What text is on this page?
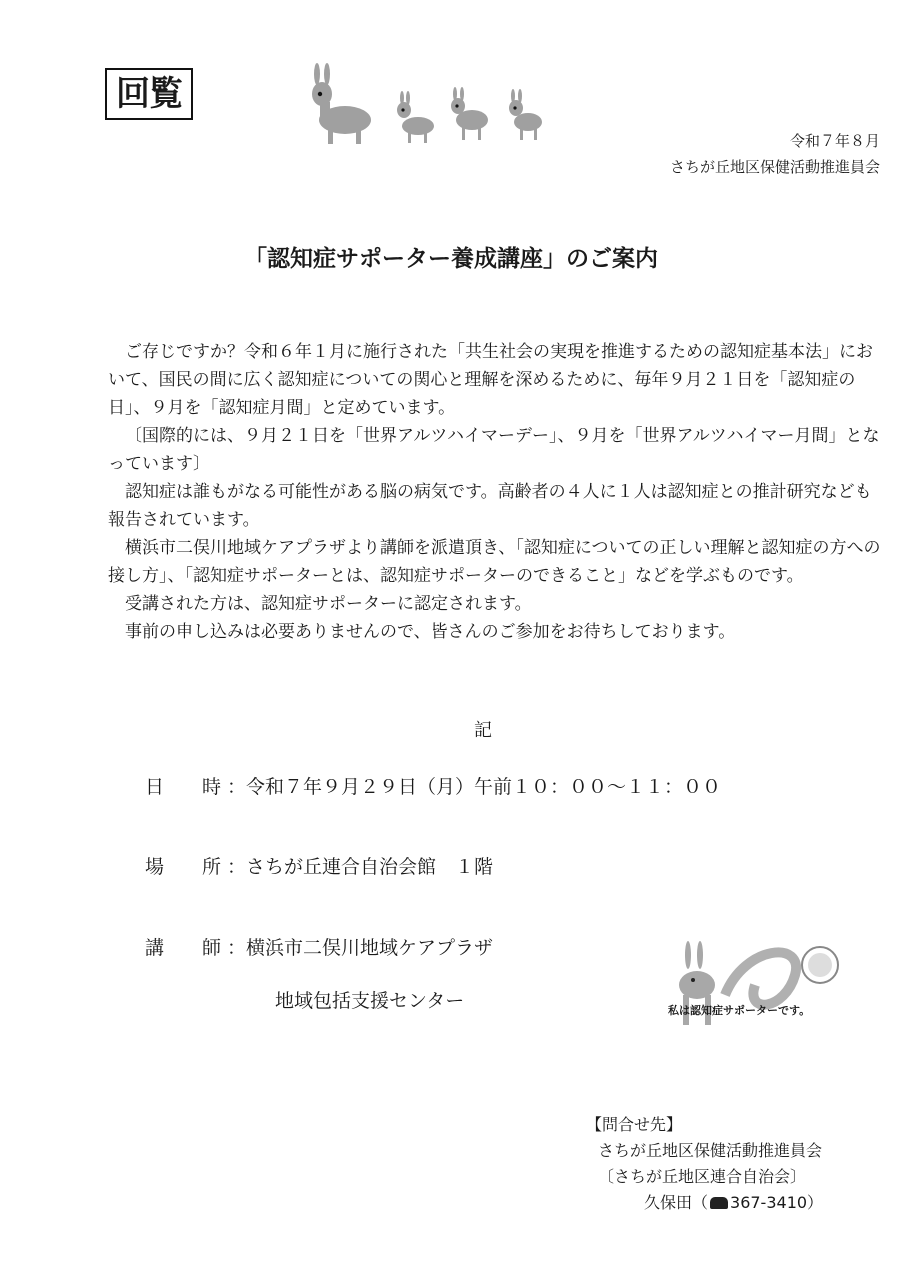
回覧
令和７年８月
さちが丘地区保健活動推進員会
「認知症サポーター養成講座」のご案内

ご存じですか？令和６年１月に施行された「共生社会の実現を推進するための認知症基本法」において、国民の間に広く認知症についての関心と理解を深めるために、毎年９月２１日を「認知症の日」、９月を「認知症月間」と定めています。

〔国際的には、９月２１日を「世界アルツハイマーデー」、９月を「世界アルツハイマー月間」となっています〕

認知症は誰もがなる可能性がある脳の病気です。高齢者の４人に１人は認知症との推計研究なども報告されています。

横浜市二俣川地域ケアプラザより講師を派遣頂き、「認知症についての正しい理解と認知症の方への接し方」、「認知症サポーターとは、認知症サポーターのできること」などを学ぶものです。

受講された方は、認知症サポーターに認定されます。

事前の申し込みは必要ありませんので、皆さんのご参加をお待ちしております。

記
日 時 ：令和７年９月２９日（月）午前１０：００～１１：００
場 所 ：さちが丘連合自治会館　１階
講 師 ：横浜市二俣川地域ケアプラザ
地域包括支援センター	私は認知症サポーターです。
【問合せ先】
さちが丘地区保健活動推進員会
〔さちが丘地区連合自治会〕
久保田（ 367-3410）
